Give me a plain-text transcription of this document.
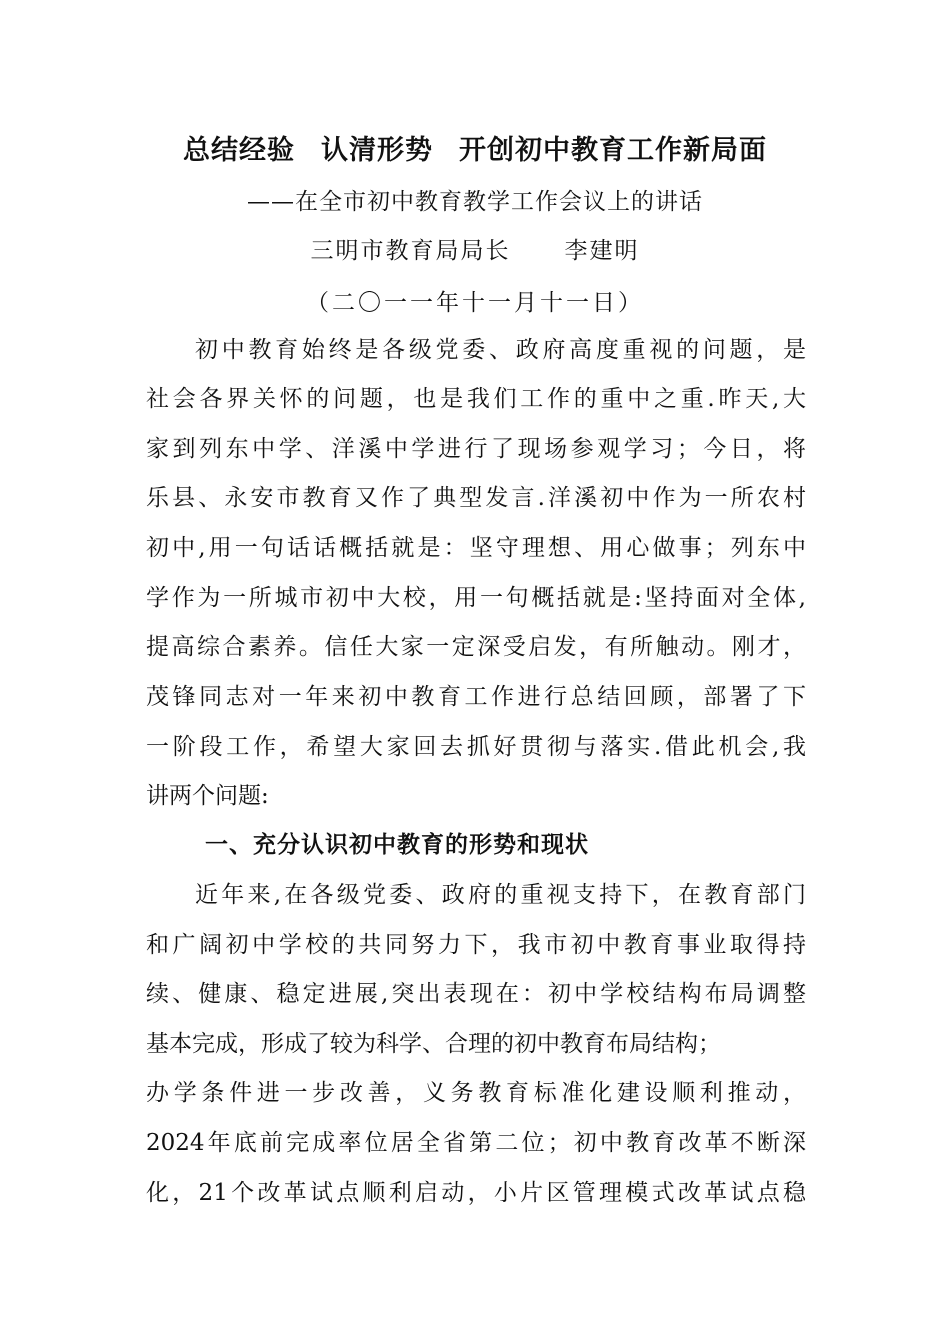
总结经验 认清形势 开创初中教育工作新局面
——在全市初中教育教学工作会议上的讲话
三明市教育局局长 李建明
（二〇一一年十一月十一日）
初中教育始终是各级党委、政府高度重视的问题，是
社会各界关怀的问题，也是我们工作的重中之重.昨天,大
家到列东中学、洋溪中学进行了现场参观学习；今日，将
乐县、永安市教育又作了典型发言.洋溪初中作为一所农村
初中,用一句话话概括就是：坚守理想、用心做事；列东中
学作为一所城市初中大校，用一句概括就是:坚持面对全体,
提高综合素养。信任大家一定深受启发，有所触动。刚才，
茂锋同志对一年来初中教育工作进行总结回顾，部署了下
一阶段工作，希望大家回去抓好贯彻与落实.借此机会,我
讲两个问题:
一、充分认识初中教育的形势和现状
近年来,在各级党委、政府的重视支持下，在教育部门
和广阔初中学校的共同努力下，我市初中教育事业取得持
续、健康、稳定进展,突出表现在：初中学校结构布局调整
基本完成，形成了较为科学、合理的初中教育布局结构；
办学条件进一步改善，义务教育标准化建设顺利推动，
2024年底前完成率位居全省第二位；初中教育改革不断深
化，21个改革试点顺利启动，小片区管理模式改革试点稳
